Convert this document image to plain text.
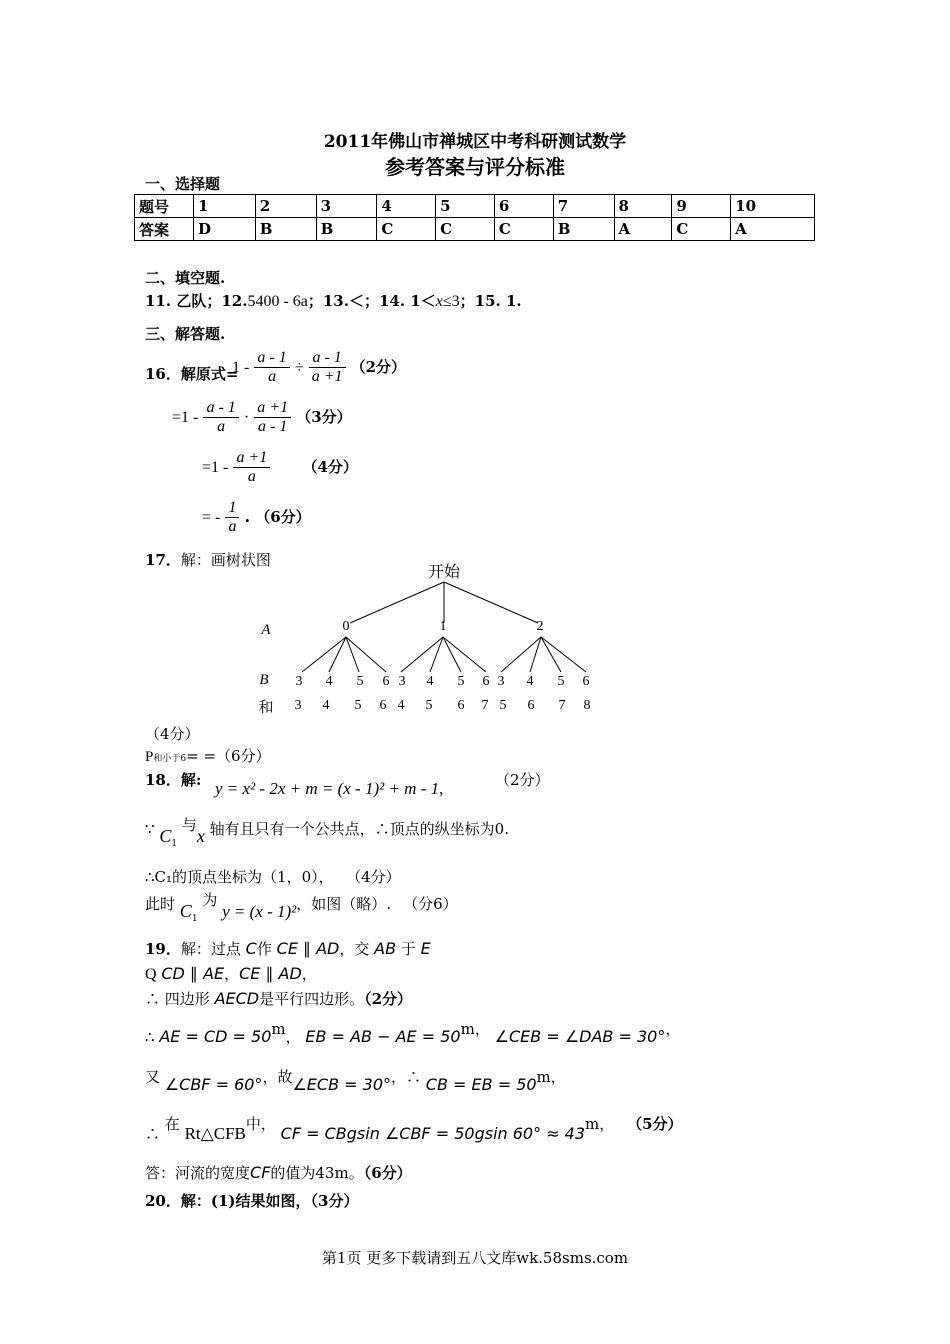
2011年佛山市禅城区中考科研测试数学
参考答案与评分标准
一、选择题
题号	1	2	3	4	5	6	7	8	9	10
答案	D	B	B	C	C	C	B	A	C	A
二、填空题.
11. 乙队；12.5400 - 6a；13.＜；14. 1＜x≤3；15. 1.
三、解答题.
16．解原式=
$1 - \frac{a - 1}{a} \div \frac{a - 1}{a +1} (2$分）
$=1 - \frac{a - 1}{a} \cdot \frac{a +1}{a - 1} (3$分）
$=1 - \frac{a +1}{a} (4$分）
= - $\frac{1}{a}$ . （6分）
17．解：画树状图
开始
A	0	1	2
B 3 4 5 6 3 4 5 6 3 4 5 6
和 3 4 5 6 4 5 6 7 5 6 7 8
（4分）
P和小于6= =（6分）
18．解: y = x² - 2x + m = (x - 1)² + m - 1,	（2分）
∵ $C_1$ 与x 轴有且只有一个公共点，∴顶点的纵坐标为0.
∴C₁的顶点坐标为（1，0）， （4分）
此时 $C_1$ 为 y = (x - 1)²，如图（略）. （分6）
19．解：过点 C作 CE ∥ AD，交 AB 于 E
Q CD ∥ AE，CE ∥ AD，
∴ 四边形 AECD是平行四边形。（2分）
∴ AE = CD = 50m， EB = AB − AE = 50m， ∠CEB = ∠DAB = 30°，
又 ∠CBF = 60°，故∠ECB = 30°，∴ CB = EB = 50m，
∴ 在 Rt△CFB中， CF = CBgsin ∠CBF = 50gsin 60° ≈ 43m， （5分）
答：河流的宽度CF的值为43m。（6分）
20．解：(1)结果如图，（3分）
第1页 更多下载请到五八文库wk.58sms.com
